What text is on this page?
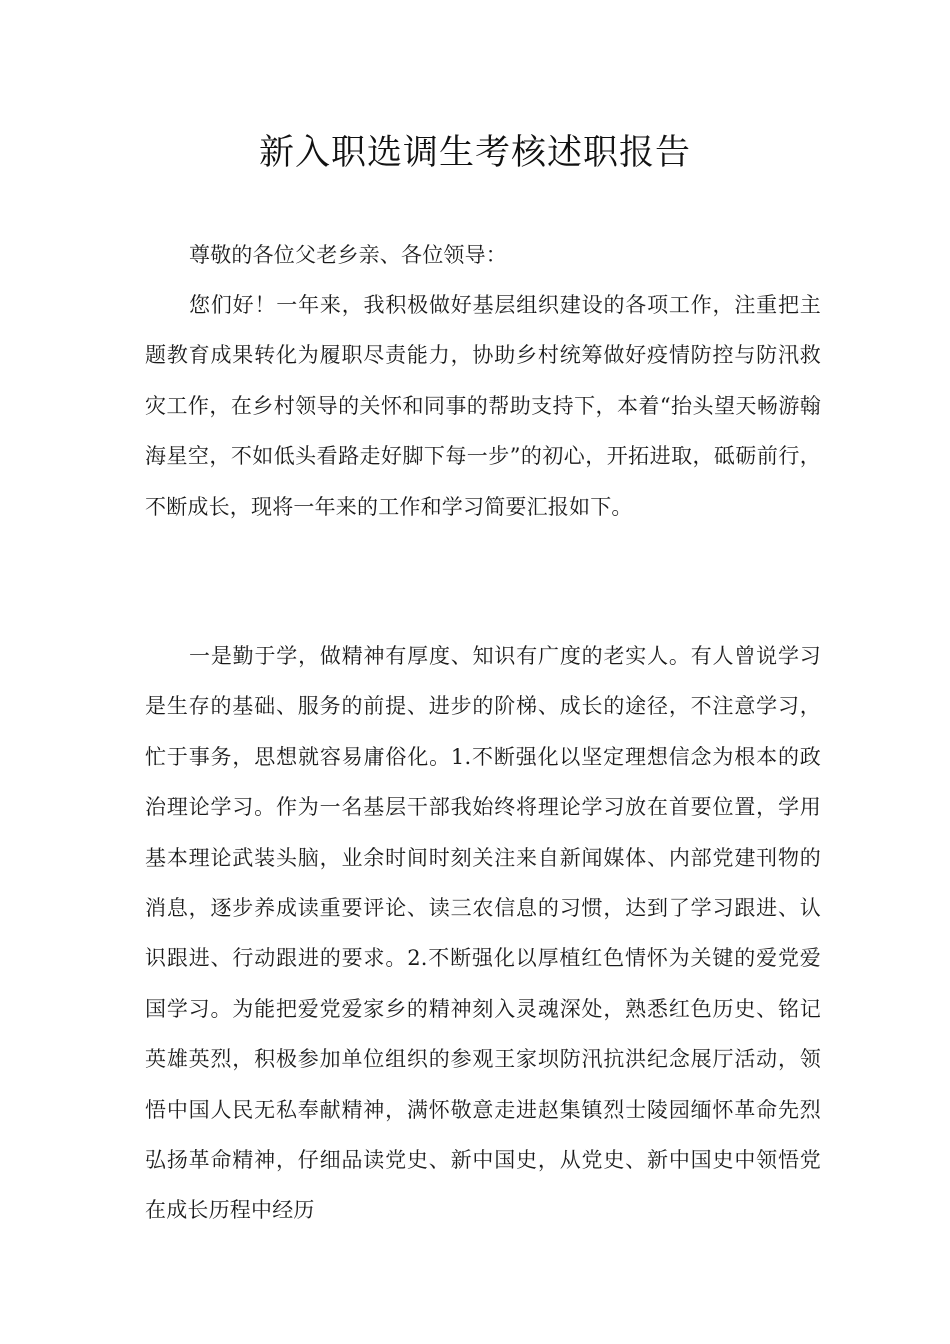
新入职选调生考核述职报告

尊敬的各位父老乡亲、各位领导：

您们好！一年来，我积极做好基层组织建设的各项工作，注重把主题教育成果转化为履职尽责能力，协助乡村统筹做好疫情防控与防汛救灾工作，在乡村领导的关怀和同事的帮助支持下，本着“抬头望天畅游翰海星空，不如低头看路走好脚下每一步”的初心，开拓进取，砥砺前行，不断成长，现将一年来的工作和学习简要汇报如下。

一是勤于学，做精神有厚度、知识有广度的老实人。有人曾说学习是生存的基础、服务的前提、进步的阶梯、成长的途径，不注意学习，忙于事务，思想就容易庸俗化。1.不断强化以坚定理想信念为根本的政治理论学习。作为一名基层干部我始终将理论学习放在首要位置，学用基本理论武装头脑，业余时间时刻关注来自新闻媒体、内部党建刊物的消息，逐步养成读重要评论、读三农信息的习惯，达到了学习跟进、认识跟进、行动跟进的要求。2.不断强化以厚植红色情怀为关键的爱党爱国学习。为能把爱党爱家乡的精神刻入灵魂深处，熟悉红色历史、铭记英雄英烈，积极参加单位组织的参观王家坝防汛抗洪纪念展厅活动，领悟中国人民无私奉献精神，满怀敬意走进赵集镇烈士陵园缅怀革命先烈弘扬革命精神，仔细品读党史、新中国史，从党史、新中国史中领悟党在成长历程中经历
